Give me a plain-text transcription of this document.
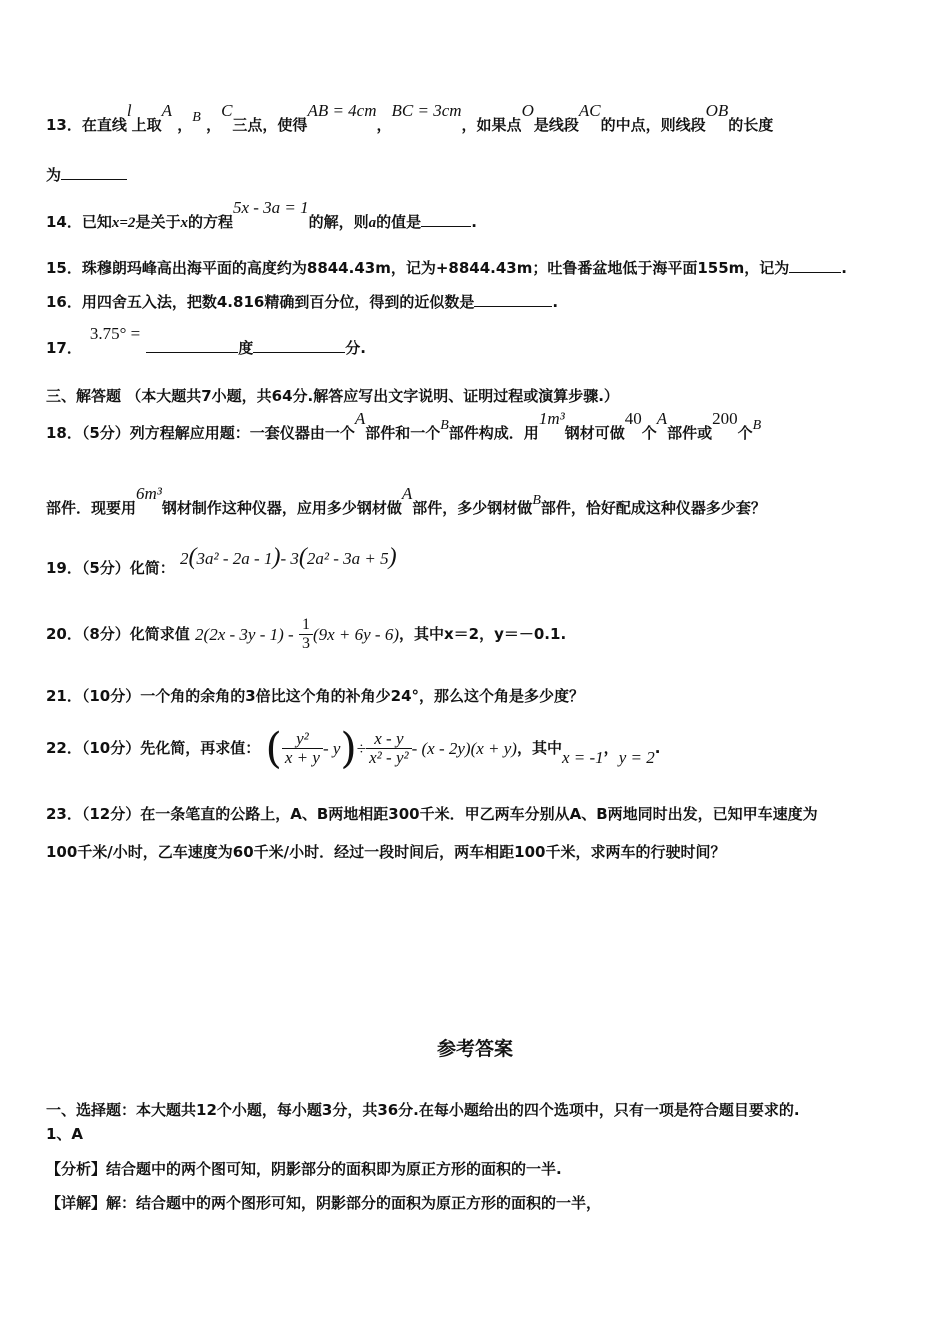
13．在直线l上取A ，B ，C三点，使得AB = 4cm，BC = 3cm，如果点O是线段AC的中点，则线段OB的长度
为
14．已知x=2是关于x的方程5x - 3a = 1的解，则a的值是	.
15．珠穆朗玛峰高出海平面的高度约为8844.43m，记为+8844.43m；吐鲁番盆地低于海平面155m，记为	.
16．用四舍五入法，把数4.816精确到百分位，得到的近似数是	.
17．3.75° =度	分.
三、解答题 （本大题共7小题，共64分.解答应写出文字说明、证明过程或演算步骤.）
18．（5分）列方程解应用题：一套仪器由一个A部件和一个B部件构成．用1m³钢材可做40个A部件或200个B
部件．现要用6m³钢材制作这种仪器，应用多少钢材做A部件，多少钢材做B部件，恰好配成这种仪器多少套？
19．（5分）化简： 2(3a² - 2a - 1)- 3(2a² - 3a + 5)
20．（8分）化简求值 $2(2x - 3y - 1) - \frac{1}{3} (9x + 6y - 6)$，其中x＝2，y＝－0.1.
21．（10分）一个角的余角的3倍比这个角的补角少24°，那么这个角是多少度？
22．（10分）先化简，再求值： ( $\frac{\text{y²}}{x + y} - y)\div \frac{x - y}{\text{x² - y²}} - (x - 2y)(x + y)$，其中x = -1，y = 2.
23．（12分）在一条笔直的公路上，A、B两地相距300千米．甲乙两车分别从A、B两地同时出发，已知甲车速度为
100千米/小时，乙车速度为60千米/小时．经过一段时间后，两车相距100千米，求两车的行驶时间？
参考答案
一、选择题：本大题共12个小题，每小题3分，共36分.在每小题给出的四个选项中，只有一项是符合题目要求的.
1、A
【分析】结合题中的两个图可知，阴影部分的面积即为原正方形的面积的一半.
【详解】解：结合题中的两个图形可知，阴影部分的面积为原正方形的面积的一半，
